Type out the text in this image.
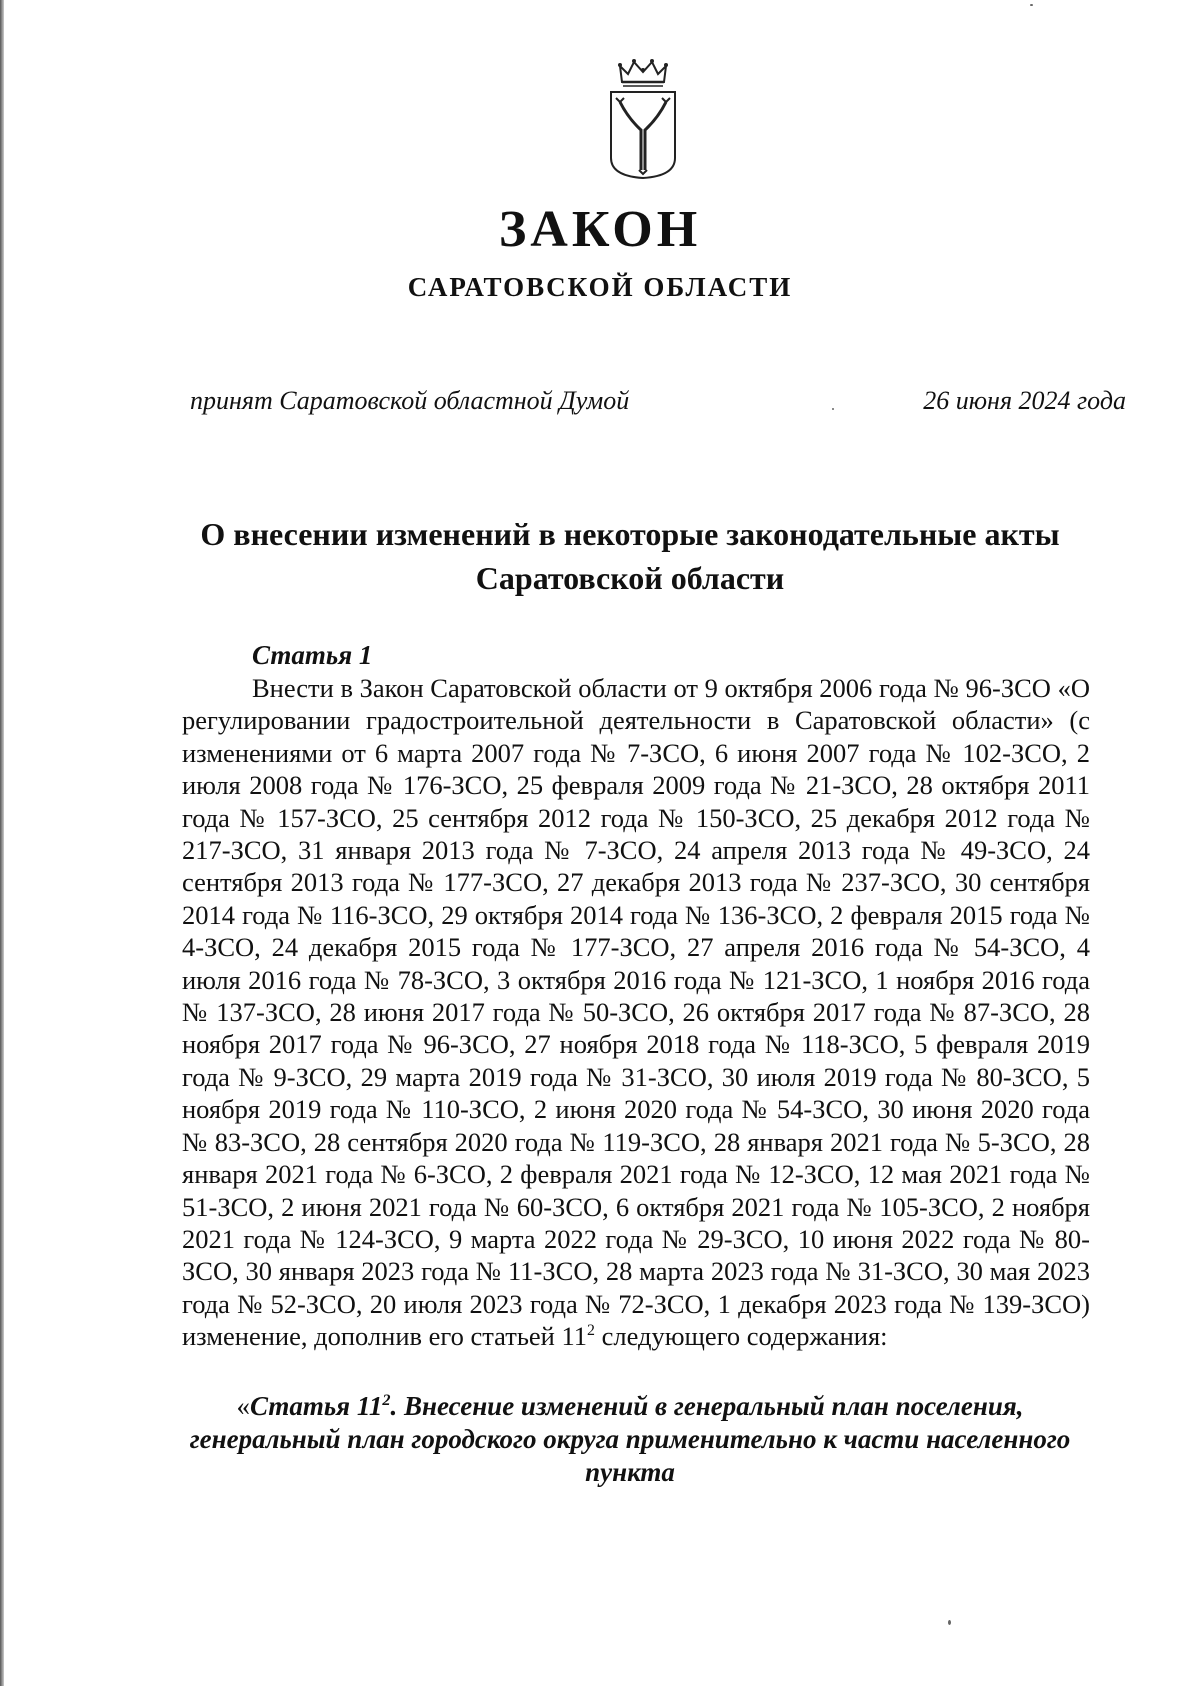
ЗАКОН
САРАТОВСКОЙ ОБЛАСТИ
принят Саратовской областной Думой	26 июня 2024 года
О внесении изменений в некоторые законодательные акты Саратовской области
Статья 1

Внести в Закон Саратовской области от 9 октября 2006 года № 96-ЗСО «О регулировании градостроительной деятельности в Саратовской области» (с изменениями от 6 марта 2007 года № 7-ЗСО, 6 июня 2007 года № 102-ЗСО, 2 июля 2008 года № 176-ЗСО, 25 февраля 2009 года № 21-ЗСО, 28 октября 2011 года № 157-ЗСО, 25 сентября 2012 года № 150-ЗСО, 25 декабря 2012 года № 217-ЗСО, 31 января 2013 года № 7-ЗСО, 24 апреля 2013 года № 49-ЗСО, 24 сентября 2013 года № 177-ЗСО, 27 декабря 2013 года № 237-ЗСО, 30 сентября 2014 года № 116-ЗСО, 29 октября 2014 года № 136-ЗСО, 2 февраля 2015 года № 4-ЗСО, 24 декабря 2015 года № 177-ЗСО, 27 апреля 2016 года № 54-ЗСО, 4 июля 2016 года № 78-ЗСО, 3 октября 2016 года № 121-ЗСО, 1 ноября 2016 года № 137-ЗСО, 28 июня 2017 года № 50-ЗСО, 26 октября 2017 года № 87-ЗСО, 28 ноября 2017 года № 96-ЗСО, 27 ноября 2018 года № 118-ЗСО, 5 февраля 2019 года № 9-ЗСО, 29 марта 2019 года № 31-ЗСО, 30 июля 2019 года № 80-ЗСО, 5 ноября 2019 года № 110-ЗСО, 2 июня 2020 года № 54-ЗСО, 30 июня 2020 года № 83-ЗСО, 28 сентября 2020 года № 119-ЗСО, 28 января 2021 года № 5-ЗСО, 28 января 2021 года № 6-ЗСО, 2 февраля 2021 года № 12-ЗСО, 12 мая 2021 года № 51-ЗСО, 2 июня 2021 года № 60-ЗСО, 6 октября 2021 года № 105-ЗСО, 2 ноября 2021 года № 124-ЗСО, 9 марта 2022 года № 29-ЗСО, 10 июня 2022 года № 80-ЗСО, 30 января 2023 года № 11-ЗСО, 28 марта 2023 года № 31-ЗСО, 30 мая 2023 года № 52-ЗСО, 20 июля 2023 года № 72-ЗСО, 1 декабря 2023 года № 139-ЗСО) изменение, дополнив его статьей $11^2$ следующего содержания:

«Статья $11^2$. Внесение изменений в генеральный план поселения, генеральный план городского округа применительно к части населенного пункта
